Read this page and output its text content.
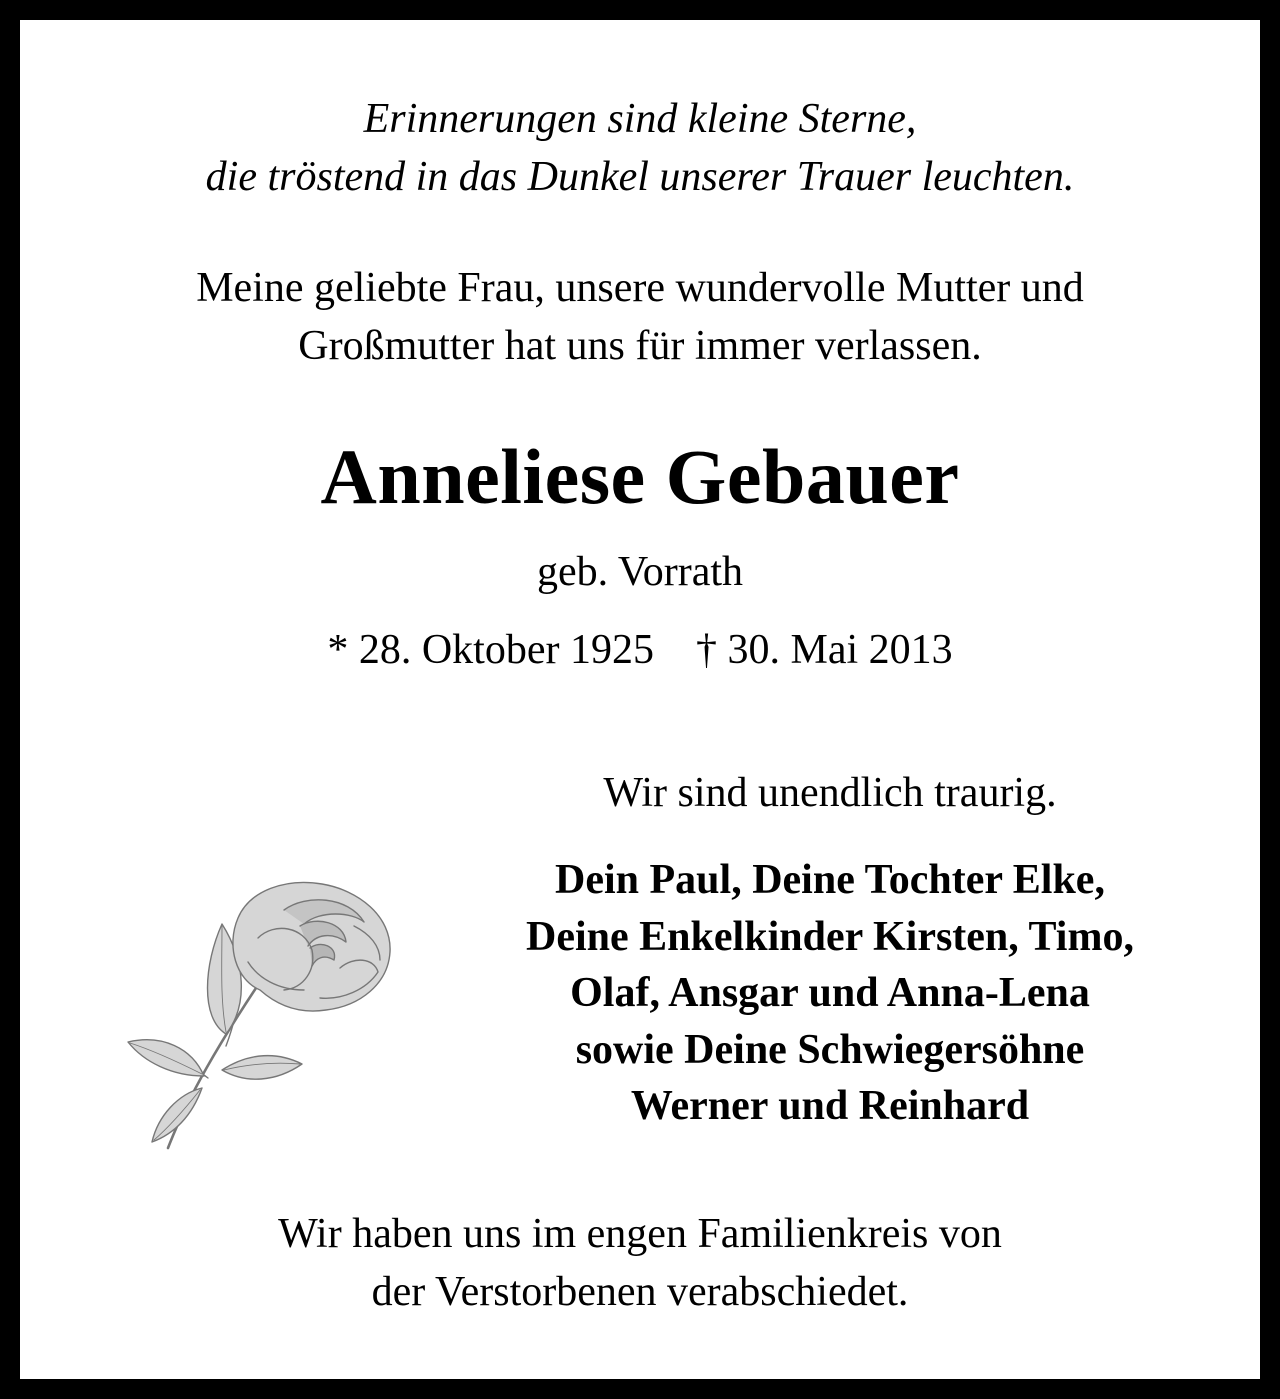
Erinnerungen sind kleine Sterne,
die tröstend in das Dunkel unserer Trauer leuchten.
Meine geliebte Frau, unsere wundervolle Mutter und
Großmutter hat uns für immer verlassen.
Anneliese Gebauer
geb. Vorrath
* 28. Oktober 1925 † 30. Mai 2013
Wir sind unendlich traurig.
Dein Paul, Deine Tochter Elke,
Deine Enkelkinder Kirsten, Timo,
Olaf, Ansgar und Anna-Lena
sowie Deine Schwiegersöhne
Werner und Reinhard
Wir haben uns im engen Familienkreis von
der Verstorbenen verabschiedet.
